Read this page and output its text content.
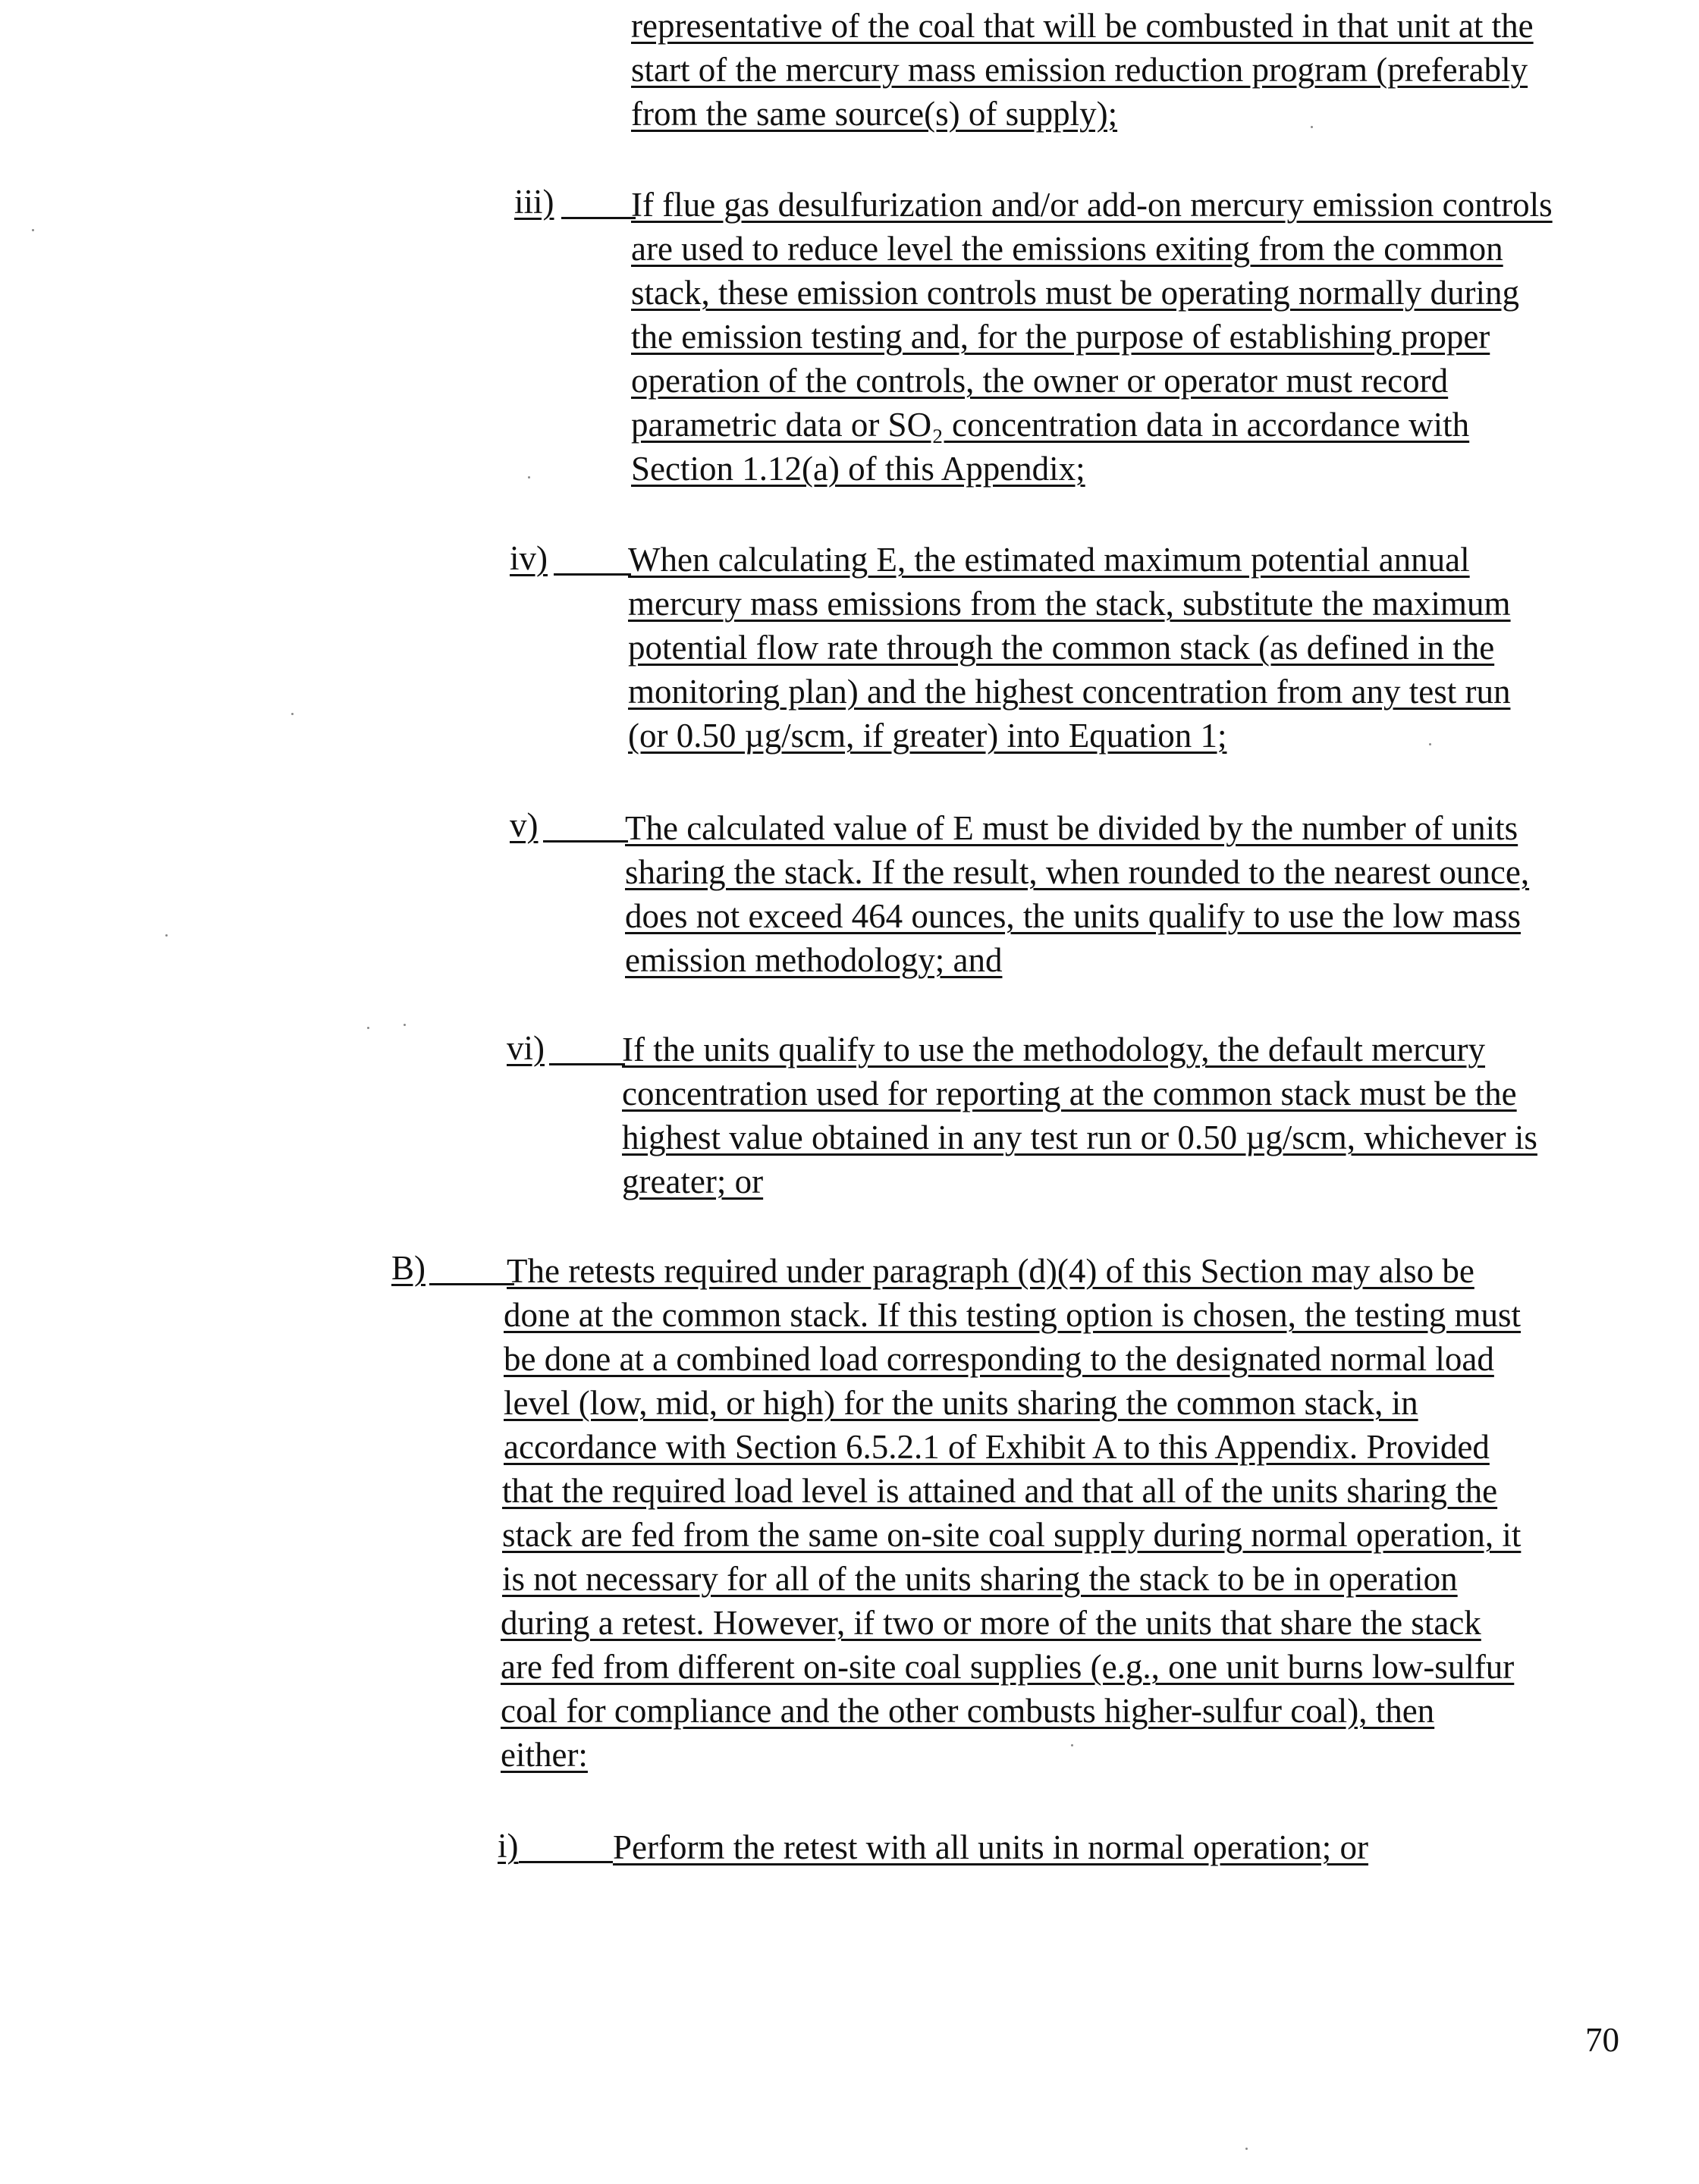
representative of the coal that will be combusted in that unit at the
start of the mercury mass emission reduction program (preferably
from the same source(s) of supply);
iii) If flue gas desulfurization and/or add-on mercury emission controls
are used to reduce level the emissions exiting from the common
stack, these emission controls must be operating normally during
the emission testing and, for the purpose of establishing proper
operation of the controls, the owner or operator must record
parametric data or SO₂ concentration data in accordance with
Section 1.12(a) of this Appendix;
iv) When calculating E, the estimated maximum potential annual
mercury mass emissions from the stack, substitute the maximum
potential flow rate through the common stack (as defined in the
monitoring plan) and the highest concentration from any test run
(or 0.50 µg/scm, if greater) into Equation 1;
v)	The calculated value of E must be divided by the number of units
sharing the stack. If the result, when rounded to the nearest ounce,
does not exceed 464 ounces, the units qualify to use the low mass
emission methodology; and
vi) If the units qualify to use the methodology, the default mercury
concentration used for reporting at the common stack must be the
highest value obtained in any test run or 0.50 µg/scm, whichever is
greater; or
B) The retests required under paragraph (d)(4) of this Section may also be
done at the common stack. If this testing option is chosen, the testing must
be done at a combined load corresponding to the designated normal load
level (low, mid, or high) for the units sharing the common stack, in
accordance with Section 6.5.2.1 of Exhibit A to this Appendix. Provided
that the required load level is attained and that all of the units sharing the
stack are fed from the same on-site coal supply during normal operation, it
is not necessary for all of the units sharing the stack to be in operation
during a retest. However, if two or more of the units that share the stack
are fed from different on-site coal supplies (e.g., one unit burns low-sulfur
coal for compliance and the other combusts higher-sulfur coal), then
either:
i)	Perform the retest with all units in normal operation; or
70
